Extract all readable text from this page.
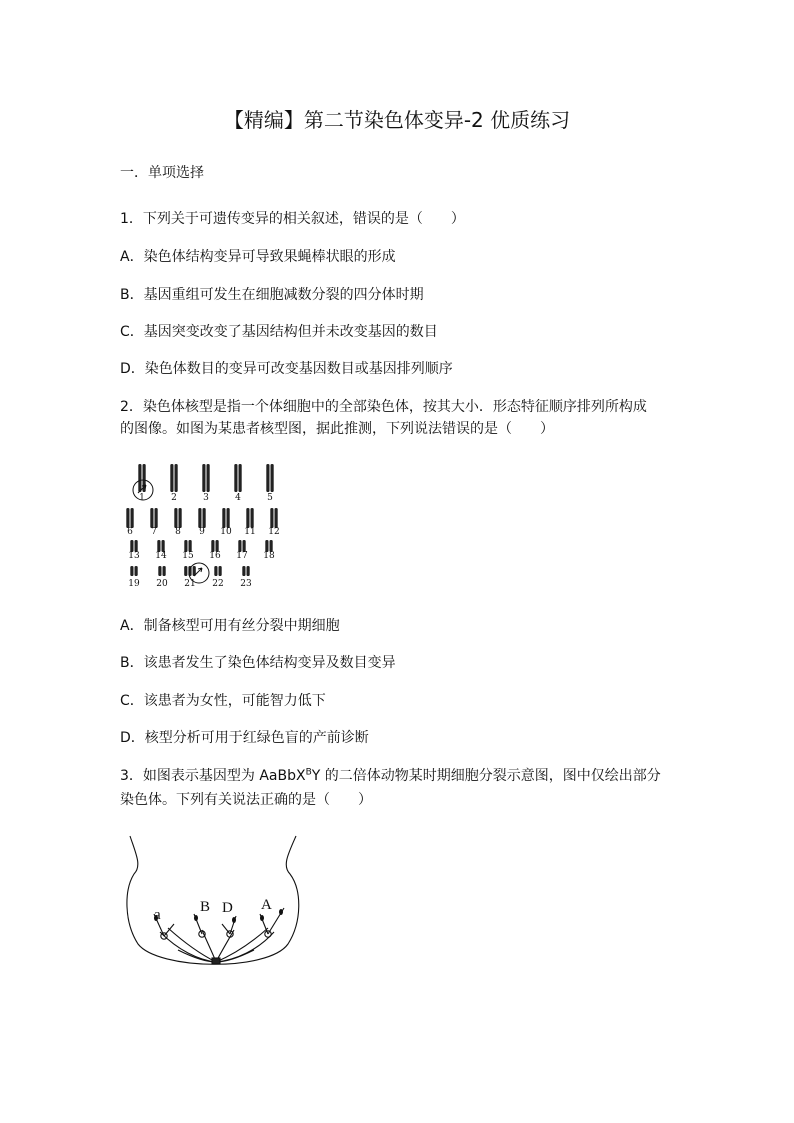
【精编】第二节染色体变异-2 优质练习
一．单项选择
1．下列关于可遗传变异的相关叙述，错误的是（　　）
A．染色体结构变异可导致果蝇棒状眼的形成
B．基因重组可发生在细胞减数分裂的四分体时期
C．基因突变改变了基因结构但并未改变基因的数目
D．染色体数目的变异可改变基因数目或基因排列顺序
2．染色体核型是指一个体细胞中的全部染色体，按其大小．形态特征顺序排列所构成
的图像。如图为某患者核型图，据此推测，下列说法错误的是（　　）
1	2	3	4	5
6 7 8 9 10 11 12
13 14 15 16 17 18
19 20 21 22 23
A．制备核型可用有丝分裂中期细胞
B．该患者发生了染色体结构变异及数目变异
C．该患者为女性，可能智力低下
D．核型分析可用于红绿色盲的产前诊断
3．如图表示基因型为 AaBbX$^B$Y 的二倍体动物某时期细胞分裂示意图，图中仅绘出部分
染色体。下列有关说法正确的是（　　）
a	B D A
